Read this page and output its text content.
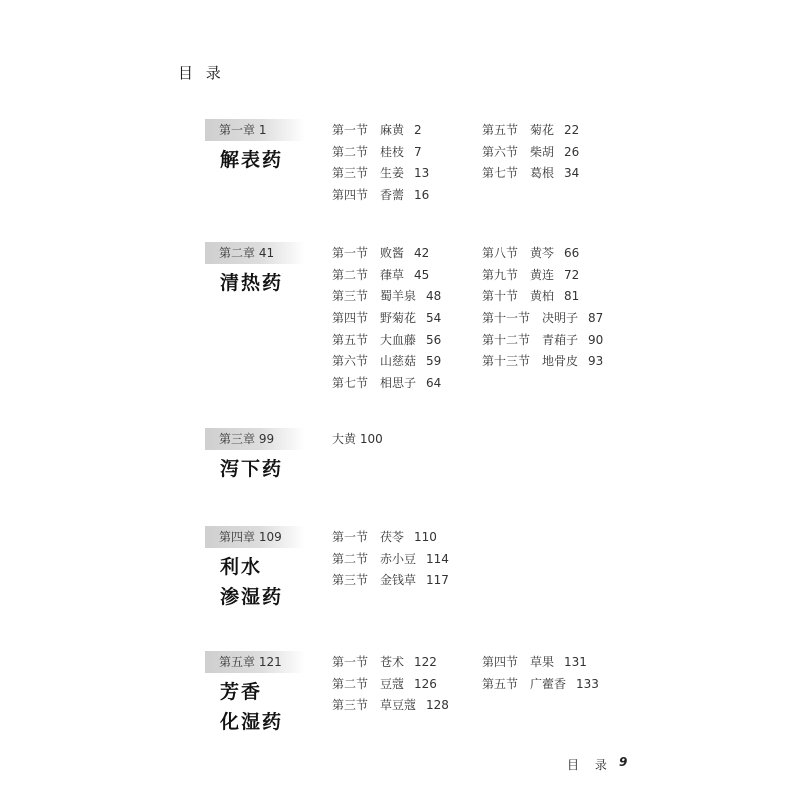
目 录
第一章 1
解表药
第一节 麻黄 2
第二节 桂枝 7
第三节 生姜 13
第四节 香薷 16
第五节 菊花 22
第六节 柴胡 26
第七节 葛根 34
第二章 41
清热药
第一节 败酱 42
第二节 葎草 45
第三节 蜀羊泉 48
第四节 野菊花 54
第五节 大血藤 56
第六节 山慈菇 59
第七节 相思子 64
第八节 黄芩 66
第九节 黄连 72
第十节 黄柏 81
第十一节 决明子 87
第十二节 青葙子 90
第十三节 地骨皮 93
第三章 99
泻下药
大黄 100
第四章 109
利水
渗湿药
第一节 茯苓 110
第二节 赤小豆 114
第三节 金钱草 117
第五章 121
芳香
化湿药
第一节 苍术 122
第二节 豆蔻 126
第三节 草豆蔻 128
第四节 草果 131
第五节 广藿香 133
目 录 9
